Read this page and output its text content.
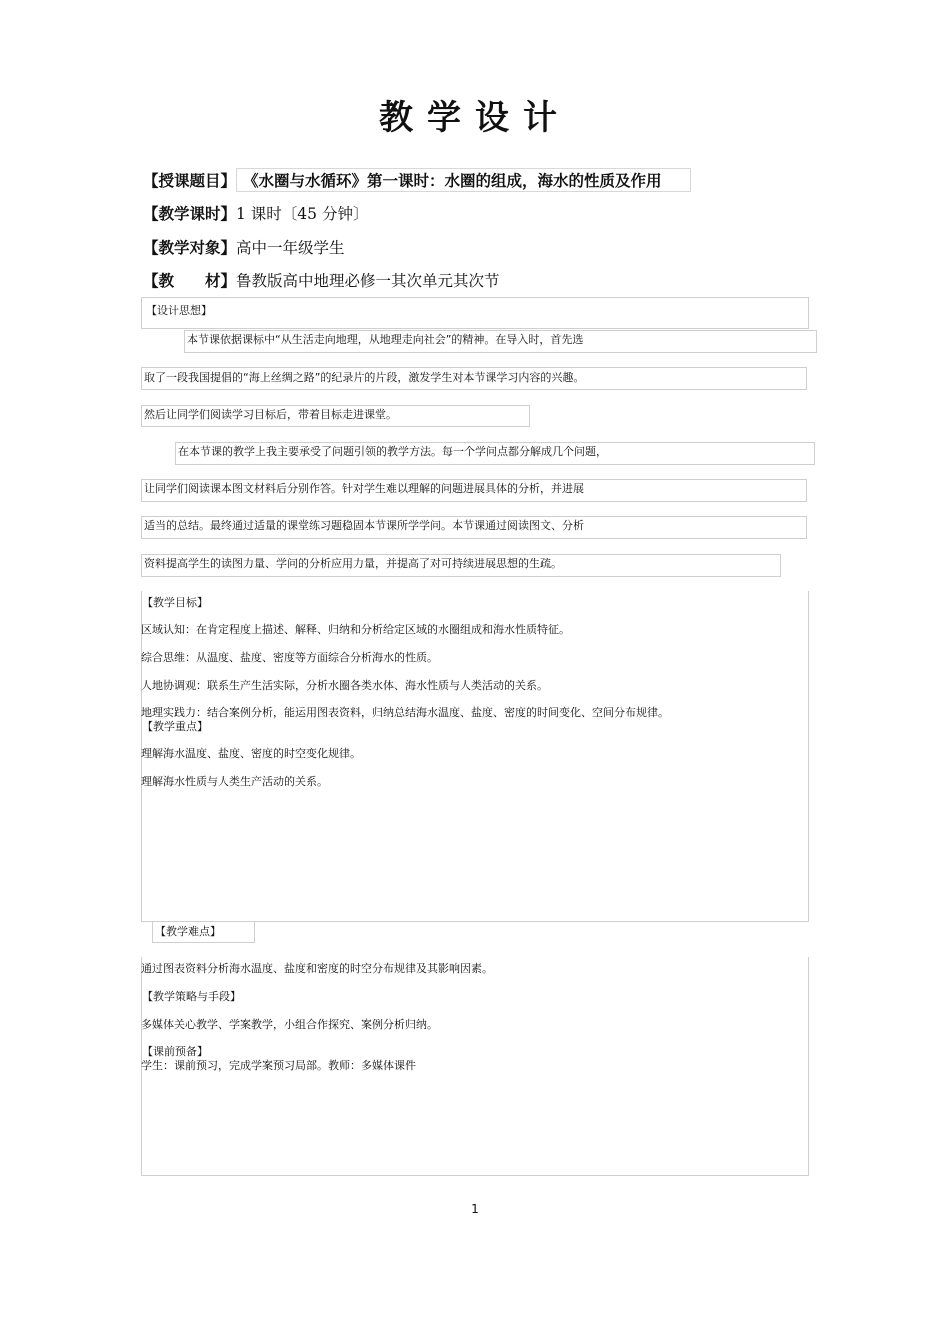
教学设计
【授课题目】 《水圈与水循环》第一课时：水圈的组成，海水的性质及作用
【教学课时】1 课时〔45 分钟〕
【教学对象】高中一年级学生
【教　　材】鲁教版高中地理必修一其次单元其次节
【设计思想】
本节课依据课标中“从生活走向地理，从地理走向社会”的精神。在导入时，首先选
取了一段我国提倡的“海上丝绸之路”的纪录片的片段，激发学生对本节课学习内容的兴趣。
然后让同学们阅读学习目标后，带着目标走进课堂。
在本节课的教学上我主要承受了问题引领的教学方法。每一个学问点都分解成几个问题，
让同学们阅读课本图文材料后分别作答。针对学生难以理解的问题进展具体的分析，并进展
适当的总结。最终通过适量的课堂练习题稳固本节课所学学问。本节课通过阅读图文、分析
资料提高学生的读图力量、学问的分析应用力量，并提高了对可持续进展思想的生疏。
【教学目标】
区域认知：在肯定程度上描述、解释、归纳和分析给定区域的水圈组成和海水性质特征。
综合思维：从温度、盐度、密度等方面综合分析海水的性质。
人地协调观：联系生产生活实际，分析水圈各类水体、海水性质与人类活动的关系。
地理实践力：结合案例分析，能运用图表资料，归纳总结海水温度、盐度、密度的时间变化、空间分布规律。
【教学重点】
理解海水温度、盐度、密度的时空变化规律。
理解海水性质与人类生产活动的关系。
【教学难点】
通过图表资料分析海水温度、盐度和密度的时空分布规律及其影响因素。
【教学策略与手段】
多媒体关心教学、学案教学，小组合作探究、案例分析归纳。
【课前预备】
学生：课前预习，完成学案预习局部。教师：多媒体课件
1
